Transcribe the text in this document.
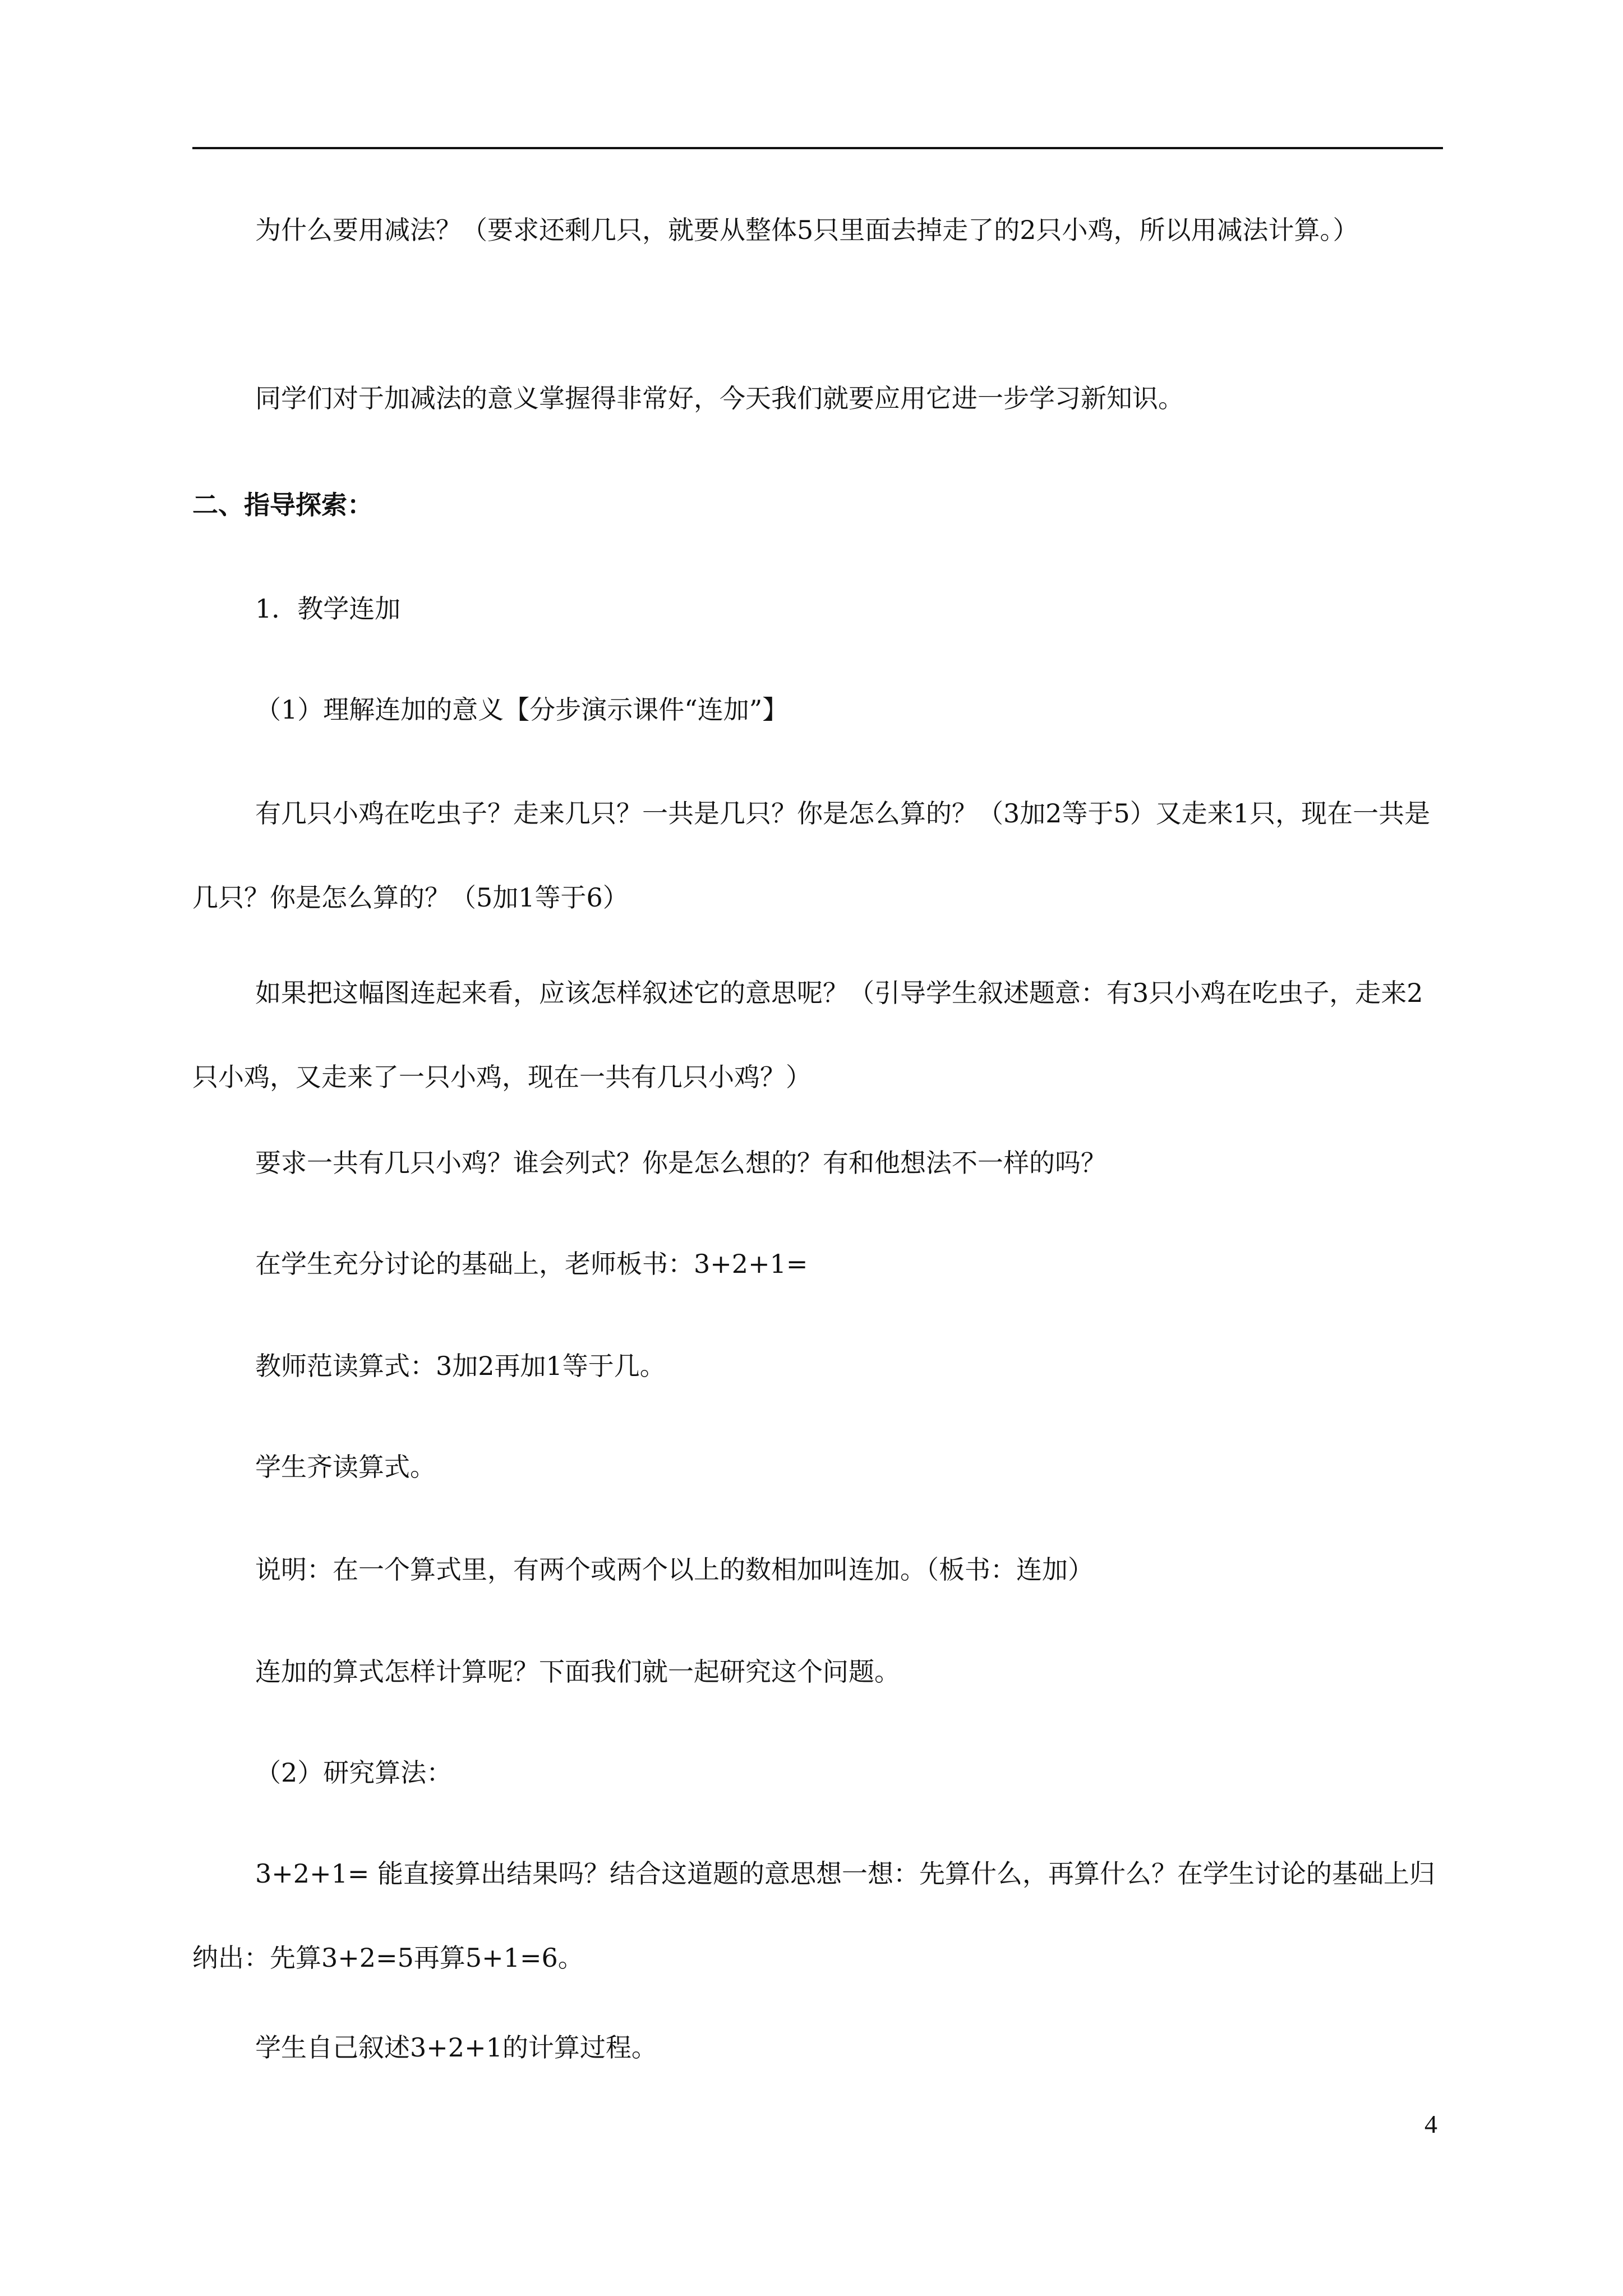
为什么要用减法？（要求还剩几只，就要从整体5只里面去掉走了的2只小鸡，所以用减法计算。）

同学们对于加减法的意义掌握得非常好，今天我们就要应用它进一步学习新知识。

二、指导探索：

1．教学连加

（1）理解连加的意义【分步演示课件“连加”】

有几只小鸡在吃虫子？走来几只？一共是几只？你是怎么算的？（3加2等于5）又走来1只，现在一共是几只？你是怎么算的？（5加1等于6）

如果把这幅图连起来看，应该怎样叙述它的意思呢？（引导学生叙述题意：有3只小鸡在吃虫子，走来2只小鸡，又走来了一只小鸡，现在一共有几只小鸡？）

要求一共有几只小鸡？谁会列式？你是怎么想的？有和他想法不一样的吗？

在学生充分讨论的基础上，老师板书：3+2+1=

教师范读算式：3加2再加1等于几。

学生齐读算式。

说明：在一个算式里，有两个或两个以上的数相加叫连加。（板书：连加）

连加的算式怎样计算呢？下面我们就一起研究这个问题。

（2）研究算法：

3+2+1= 能直接算出结果吗？结合这道题的意思想一想：先算什么，再算什么？在学生讨论的基础上归纳出：先算3+2=5再算5+1=6。

学生自己叙述3+2+1的计算过程。

4
